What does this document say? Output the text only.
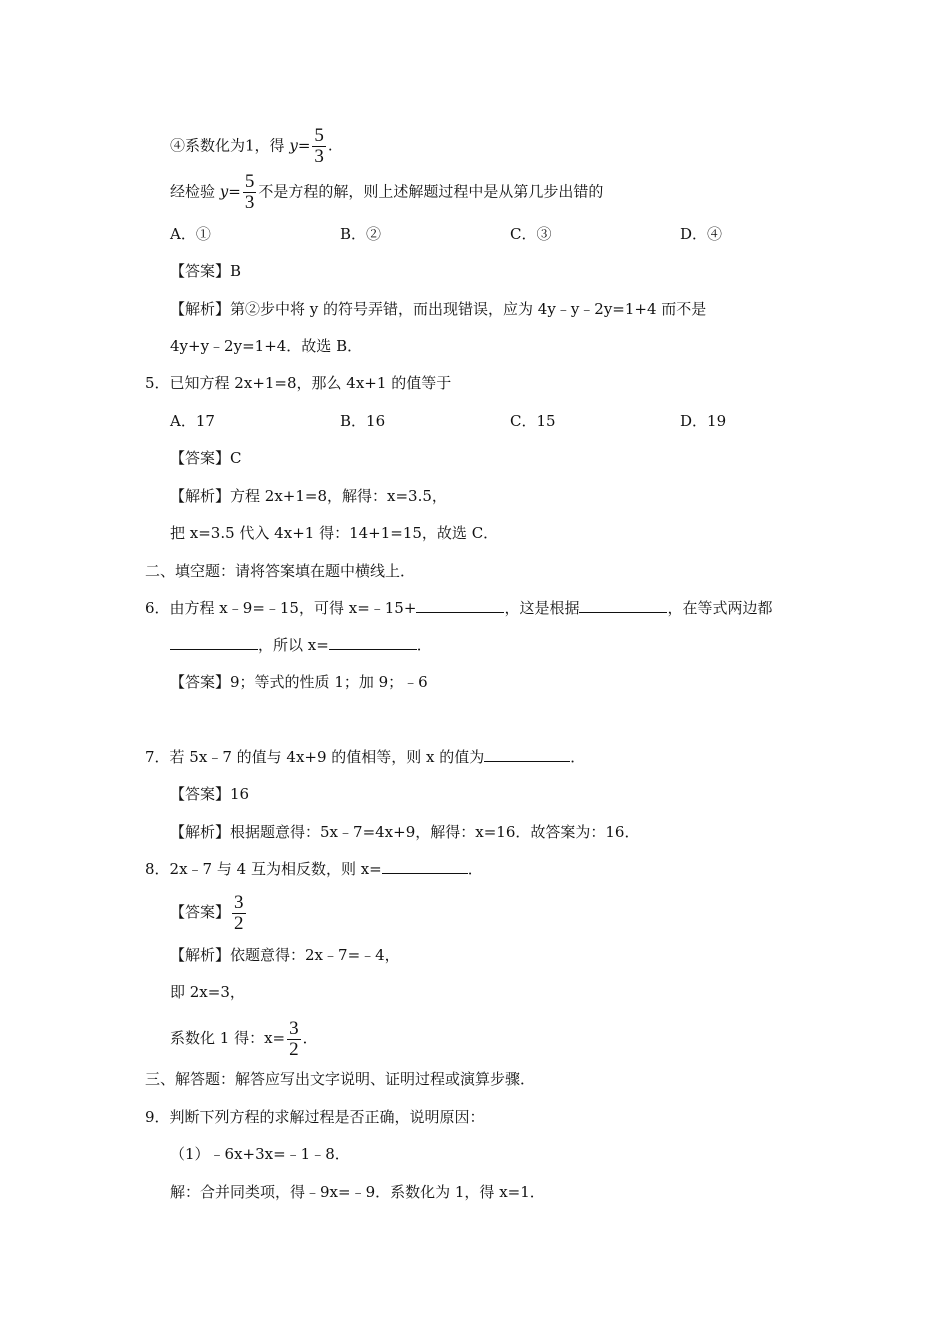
④系数化为1，得 $y= \frac{5}{3}$ .
经检验 $y= \frac{5}{3}$ 不是方程的解，则上述解题过程中是从第几步出错的
A．①	B．②	C．③	D．④
【答案】B
【解析】第②步中将 y 的符号弄错，而出现错误，应为 4y﹣y﹣2y=1+4 而不是
4y+y﹣2y=1+4．故选 B．
5．已知方程 2x+1=8，那么 4x+1 的值等于
A．17	B．16	C．15	D．19
【答案】C
【解析】方程 2x+1=8，解得：x=3.5，
把 x=3.5 代入 4x+1 得：14+1=15，故选 C．
二、填空题：请将答案填在题中横线上．
6．由方程 x﹣9=﹣15，可得 x=﹣15+	，这是根据	，在等式两边都
，所以 x=	．
【答案】9；等式的性质 1；加 9；﹣6
7．若 5x﹣7 的值与 4x+9 的值相等，则 x 的值为	．
【答案】16
【解析】根据题意得：5x﹣7=4x+9，解得：x=16．故答案为：16．
8．2x﹣7 与 4 互为相反数，则 x=	．
【答案】 $\frac{3}{2}$
【解析】依题意得：2x﹣7=﹣4，
即 2x=3，
系数化 1 得：$x= \frac{3}{2}$ ．
三、解答题：解答应写出文字说明、证明过程或演算步骤．
9．判断下列方程的求解过程是否正确，说明原因：
（1）﹣6x+3x=﹣1﹣8．
解：合并同类项，得﹣9x=﹣9．系数化为 1，得 x=1．
